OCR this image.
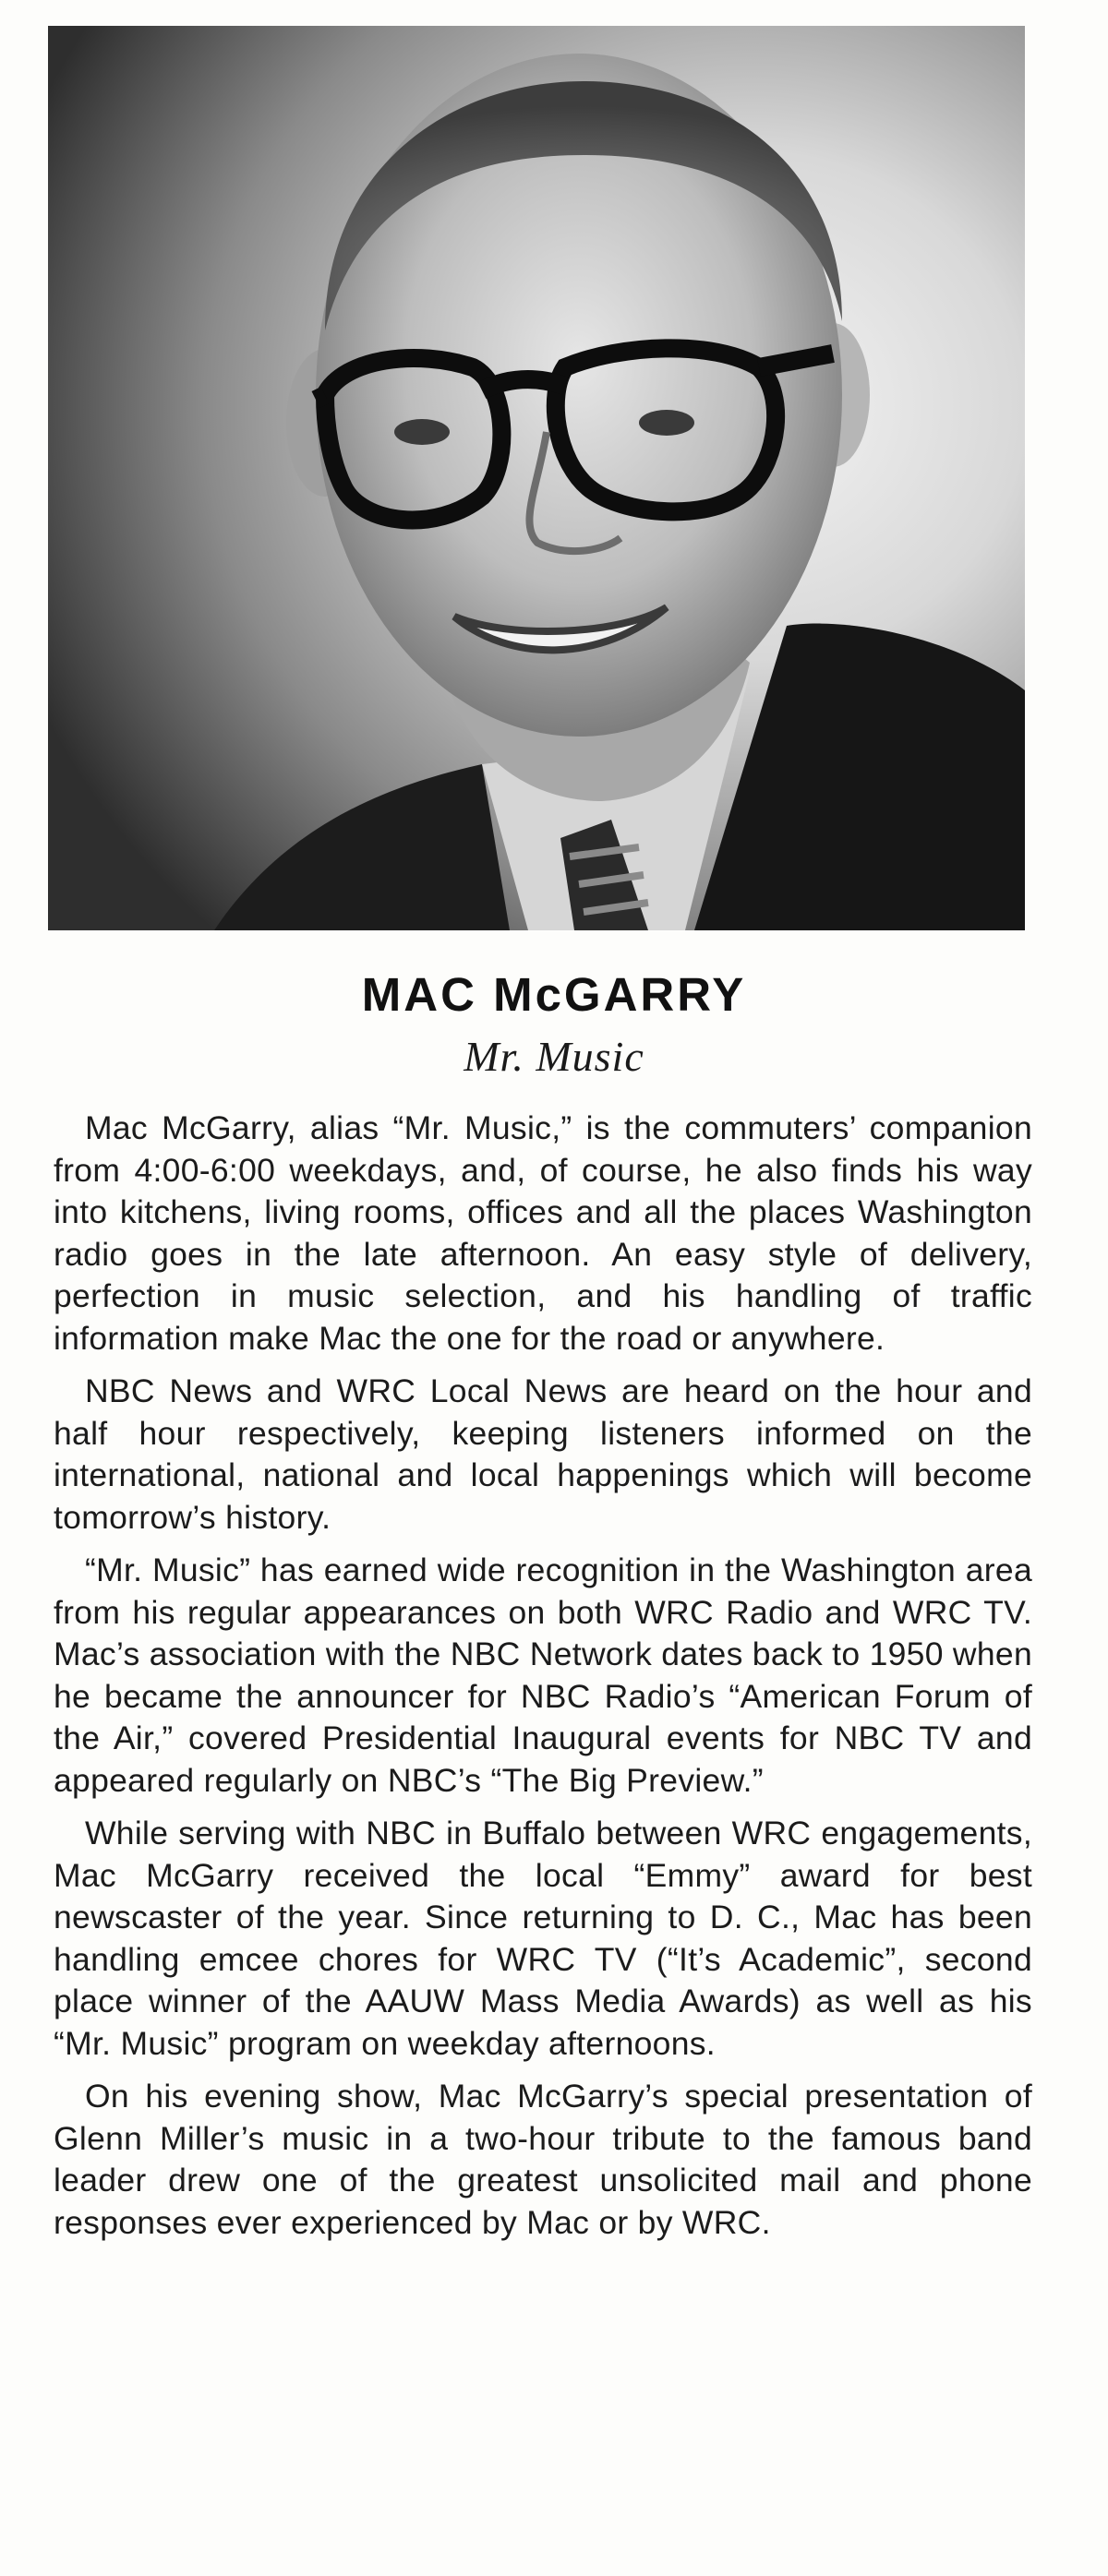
MAC McGARRY
Mr. Music

Mac McGarry, alias “Mr. Music,” is the commuters’ companion from 4:00-6:00 weekdays, and, of course, he also finds his way into kitchens, living rooms, offices and all the places Washington radio goes in the late afternoon. An easy style of delivery, perfection in music selection, and his handling of traffic information make Mac the one for the road or anywhere.

NBC News and WRC Local News are heard on the hour and half hour respectively, keeping listeners informed on the international, national and local happenings which will become tomorrow’s history.

“Mr. Music” has earned wide recognition in the Washington area from his regular appearances on both WRC Radio and WRC TV. Mac’s association with the NBC Network dates back to 1950 when he became the announcer for NBC Radio’s “American Forum of the Air,” covered Presidential Inaugural events for NBC TV and appeared regularly on NBC’s “The Big Preview.”

While serving with NBC in Buffalo between WRC engagements, Mac McGarry received the local “Emmy” award for best newscaster of the year. Since returning to D. C., Mac has been handling emcee chores for WRC TV (“It’s Academic”, second place winner of the AAUW Mass Media Awards) as well as his “Mr. Music” program on weekday afternoons.

On his evening show, Mac McGarry’s special presentation of Glenn Miller’s music in a two-hour tribute to the famous band leader drew one of the greatest unsolicited mail and phone responses ever experienced by Mac or by WRC.
